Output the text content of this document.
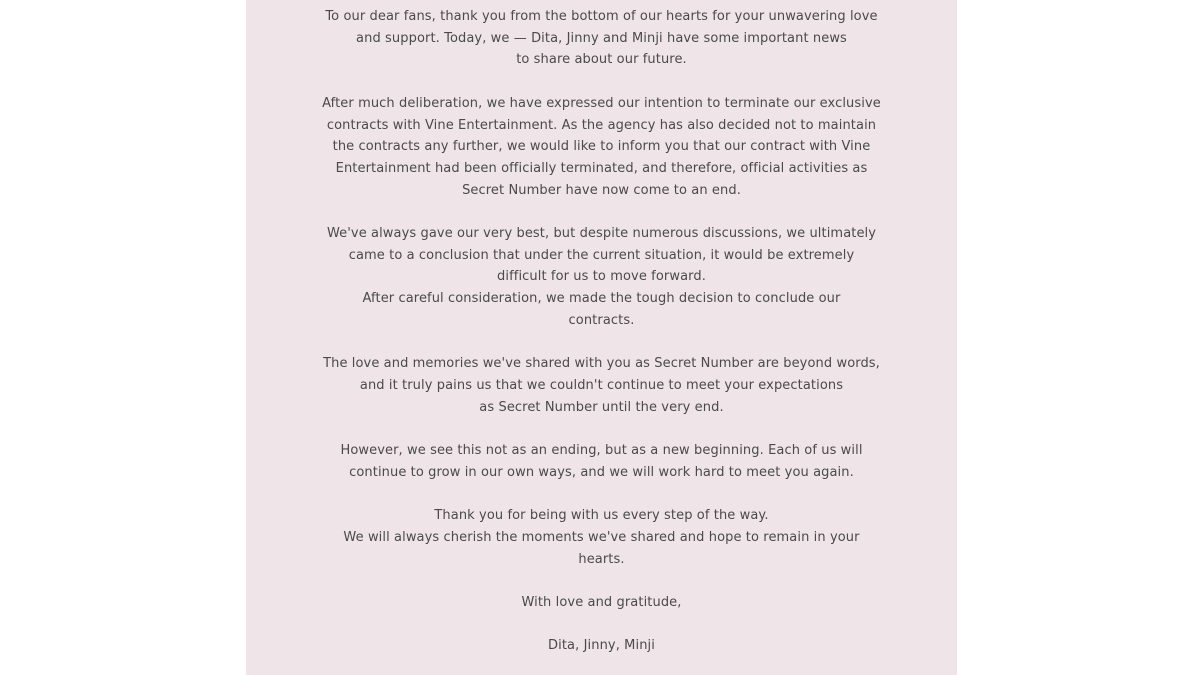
To our dear fans, thank you from the bottom of our hearts for your unwavering love
and support. Today, we — Dita, Jinny and Minji have some important news
to share about our future.
After much deliberation, we have expressed our intention to terminate our exclusive
contracts with Vine Entertainment. As the agency has also decided not to maintain
the contracts any further, we would like to inform you that our contract with Vine
Entertainment had been officially terminated, and therefore, official activities as
Secret Number have now come to an end.
We've always gave our very best, but despite numerous discussions, we ultimately
came to a conclusion that under the current situation, it would be extremely
difficult for us to move forward.
After careful consideration, we made the tough decision to conclude our
contracts.
The love and memories we've shared with you as Secret Number are beyond words,
and it truly pains us that we couldn't continue to meet your expectations
as Secret Number until the very end.
However, we see this not as an ending, but as a new beginning. Each of us will
continue to grow in our own ways, and we will work hard to meet you again.
Thank you for being with us every step of the way.
We will always cherish the moments we've shared and hope to remain in your
hearts.
With love and gratitude,
Dita, Jinny, Minji
